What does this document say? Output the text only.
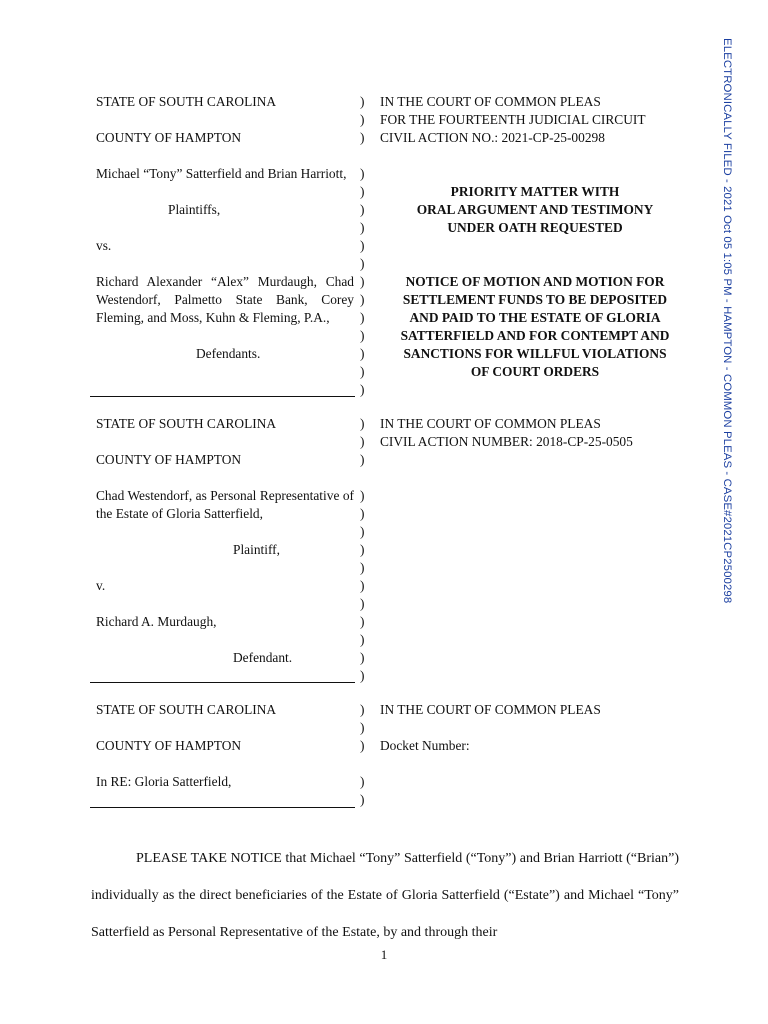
ELECTRONICALLY FILED - 2021 Oct 05 1:05 PM - HAMPTON - COMMON PLEAS - CASE#2021CP2500298

STATE OF SOUTH CAROLINA

COUNTY OF HAMPTON

Michael “Tony” Satterfield and Brian Harriott,

Plaintiffs,

vs.

Richard Alexander “Alex” Murdaugh, Chad Westendorf, Palmetto State Bank, Corey Fleming, and Moss, Kuhn & Fleming, P.A.,

Defendants.

)
)
)
)
)
)
)
)
)
)
)
)
)
)
)
)

IN THE COURT OF COMMON PLEAS

FOR THE FOURTEENTH JUDICIAL CIRCUIT

CIVIL ACTION NO.: 2021-CP-25-00298

PRIORITY MATTER WITH

ORAL ARGUMENT AND TESTIMONY

UNDER OATH REQUESTED

NOTICE OF MOTION AND MOTION FOR

SETTLEMENT FUNDS TO BE DEPOSITED

AND PAID TO THE ESTATE OF GLORIA

SATTERFIELD AND FOR CONTEMPT AND

SANCTIONS FOR WILLFUL VIOLATIONS

OF COURT ORDERS

STATE OF SOUTH CAROLINA

COUNTY OF HAMPTON

Chad Westendorf, as Personal Representative of the Estate of Gloria Satterfield,

Plaintiff,

v.

Richard A. Murdaugh,

Defendant.

)
)
)
)
)
)
)
)
)
)
)
)
)
)

IN THE COURT OF COMMON PLEAS

CIVIL ACTION NUMBER: 2018-CP-25-0505

STATE OF SOUTH CAROLINA

COUNTY OF HAMPTON

In RE: Gloria Satterfield,

)
)
)
)
)

IN THE COURT OF COMMON PLEAS

Docket Number:

PLEASE TAKE NOTICE that Michael “Tony” Satterfield (“Tony”) and Brian Harriott (“Brian”) individually as the direct beneficiaries of the Estate of Gloria Satterfield (“Estate”) and Michael “Tony” Satterfield as Personal Representative of the Estate, by and through their

1
